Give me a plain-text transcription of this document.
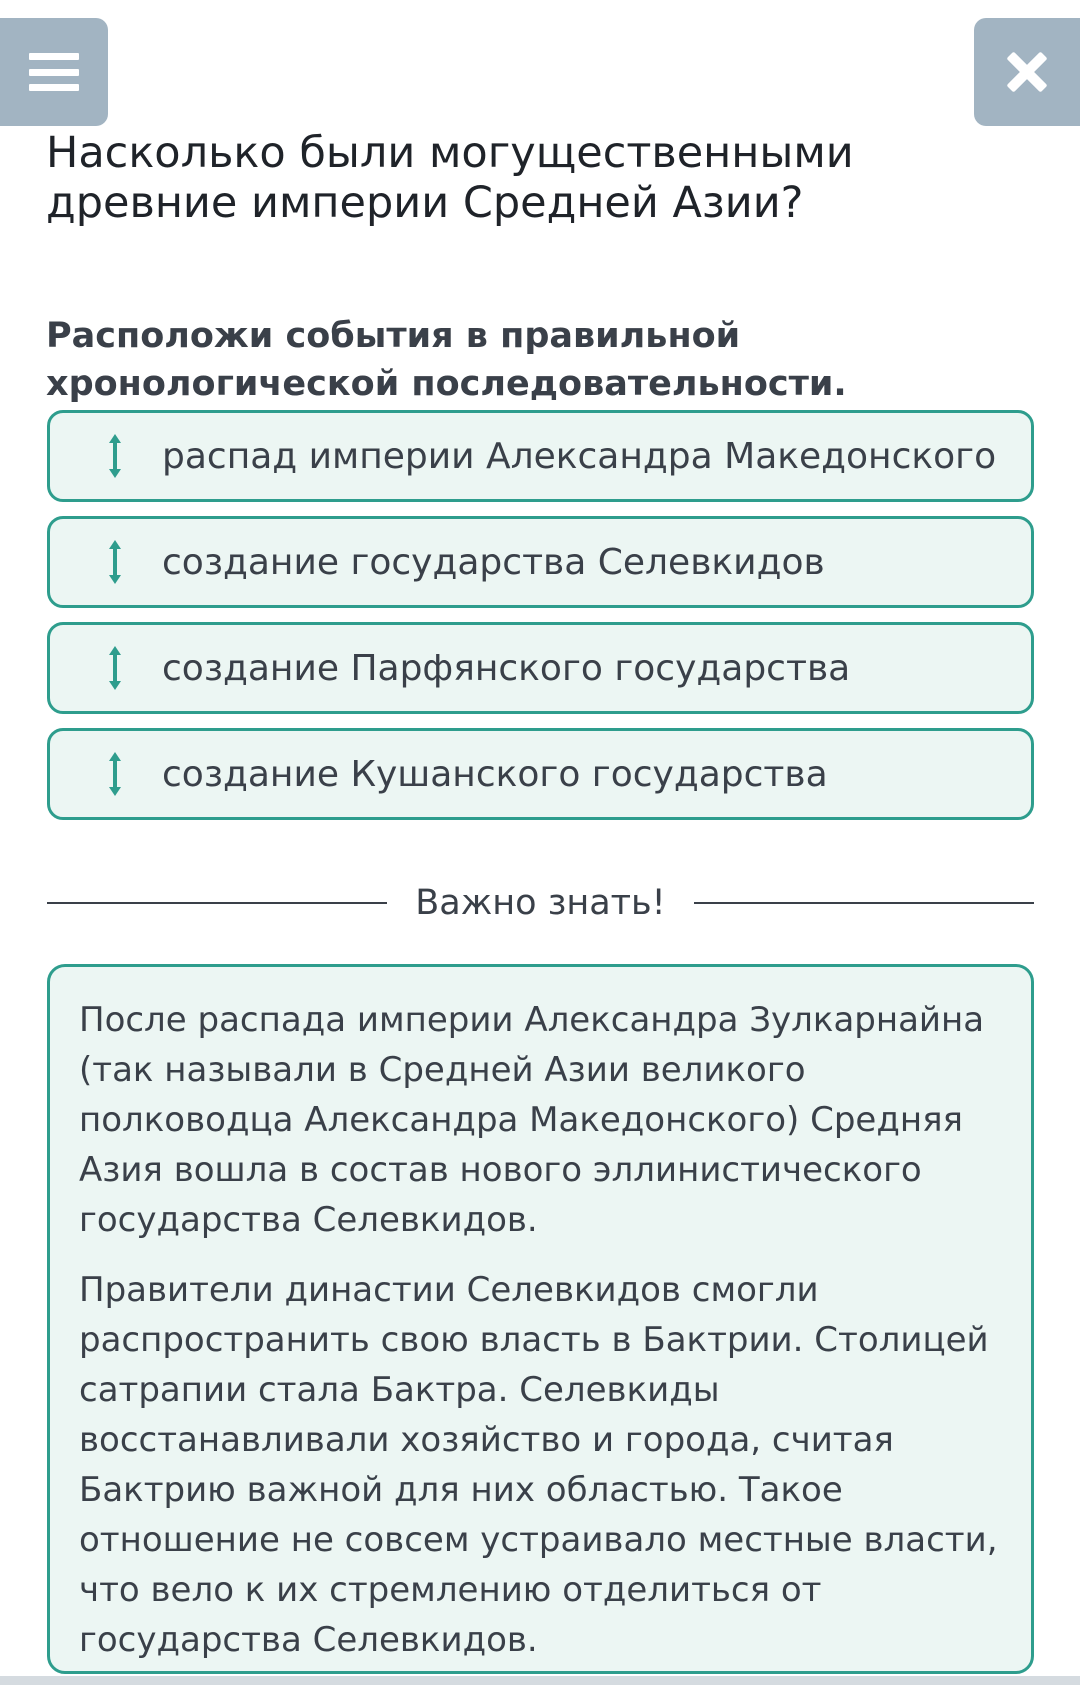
Насколько были могущественными древние империи Средней Азии?
Расположи события в правильной хронологической последовательности.
распад империи Александра Македонского
создание государства Селевкидов
создание Парфянского государства
создание Кушанского государства
Важно знать!

После распада империи Александра Зулкарнайна (так называли в Средней Азии великого полководца Александра Македонского) Средняя Азия вошла в состав нового эллинистического государства Селевкидов.

Правители династии Селевкидов смогли распространить свою власть в Бактрии. Столицей сатрапии стала Бактра. Селевкиды восстанавливали хозяйство и города, считая Бактрию важной для них областью. Такое отношение не совсем устраивало местные власти, что вело к их стремлению отделиться от государства Селевкидов.
